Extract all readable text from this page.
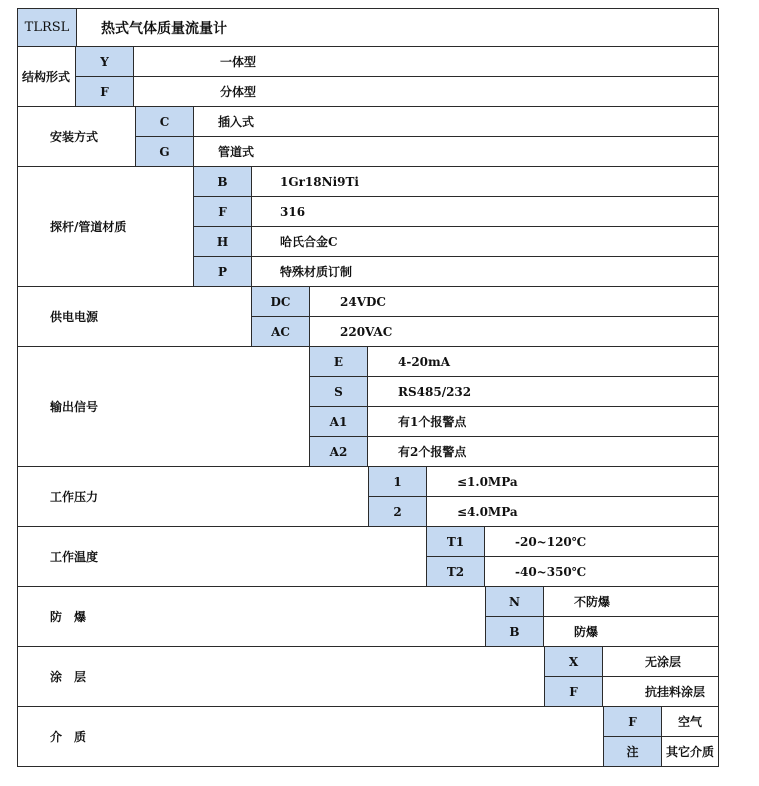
TLRSL	热式气体质量流量计
结构形式
Y	一体型
F	分体型
安装方式
C	插入式
G	管道式
探杆/管道材质
B	1Gr18Ni9Ti
F	316
H	哈氏合金C
P	特殊材质订制
供电电源
DC	24VDC
AC	220VAC
输出信号
E	4-20mA
S	RS485/232
A1	有1个报警点
A2	有2个报警点
工作压力
1	≤1.0MPa
2	≤4.0MPa
工作温度
T1	-20~120℃
T2	-40~350℃
防　爆
N	不防爆
B	防爆
涂　层
X	无涂层
F	抗挂料涂层
介　质
F	空气
注	其它介质
